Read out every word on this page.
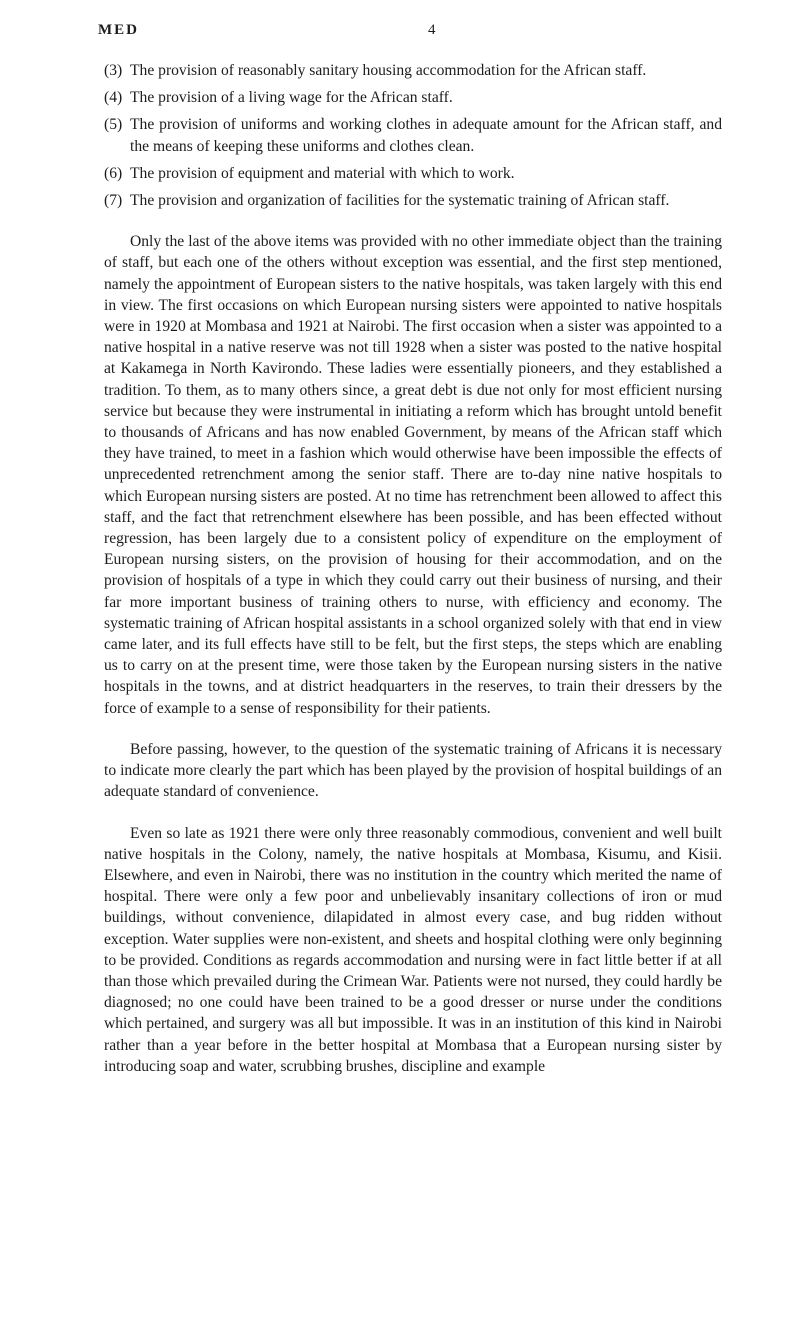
MED	4
(3) The provision of reasonably sanitary housing accommodation for the African staff.
(4) The provision of a living wage for the African staff.
(5) The provision of uniforms and working clothes in adequate amount for the African staff, and the means of keeping these uniforms and clothes clean.
(6) The provision of equipment and material with which to work.
(7) The provision and organization of facilities for the systematic training of African staff.

Only the last of the above items was provided with no other immediate object than the training of staff, but each one of the others without exception was essential, and the first step mentioned, namely the appointment of European sisters to the native hospitals, was taken largely with this end in view. The first occasions on which European nursing sisters were appointed to native hospitals were in 1920 at Mombasa and 1921 at Nairobi. The first occasion when a sister was appointed to a native hospital in a native reserve was not till 1928 when a sister was posted to the native hospital at Kakamega in North Kavirondo. These ladies were essentially pioneers, and they established a tradition. To them, as to many others since, a great debt is due not only for most efficient nursing service but because they were instrumental in initiating a reform which has brought untold benefit to thousands of Africans and has now enabled Government, by means of the African staff which they have trained, to meet in a fashion which would otherwise have been impossible the effects of unprecedented retrenchment among the senior staff. There are to-day nine native hospitals to which European nursing sisters are posted. At no time has retrenchment been allowed to affect this staff, and the fact that retrenchment elsewhere has been possible, and has been effected without regression, has been largely due to a consistent policy of expenditure on the employment of European nursing sisters, on the provision of housing for their accommodation, and on the provision of hospitals of a type in which they could carry out their business of nursing, and their far more important business of training others to nurse, with efficiency and economy. The systematic training of African hospital assistants in a school organized solely with that end in view came later, and its full effects have still to be felt, but the first steps, the steps which are enabling us to carry on at the present time, were those taken by the European nursing sisters in the native hospitals in the towns, and at district headquarters in the reserves, to train their dressers by the force of example to a sense of responsibility for their patients.

Before passing, however, to the question of the systematic training of Africans it is necessary to indicate more clearly the part which has been played by the provision of hospital buildings of an adequate standard of convenience.

Even so late as 1921 there were only three reasonably commodious, convenient and well built native hospitals in the Colony, namely, the native hospitals at Mombasa, Kisumu, and Kisii. Elsewhere, and even in Nairobi, there was no institution in the country which merited the name of hospital. There were only a few poor and unbelievably insanitary collections of iron or mud buildings, without convenience, dilapidated in almost every case, and bug ridden without exception. Water supplies were non-existent, and sheets and hospital clothing were only beginning to be provided. Conditions as regards accommodation and nursing were in fact little better if at all than those which prevailed during the Crimean War. Patients were not nursed, they could hardly be diagnosed; no one could have been trained to be a good dresser or nurse under the conditions which pertained, and surgery was all but impossible. It was in an institution of this kind in Nairobi rather than a year before in the better hospital at Mombasa that a European nursing sister by introducing soap and water, scrubbing brushes, discipline and example
